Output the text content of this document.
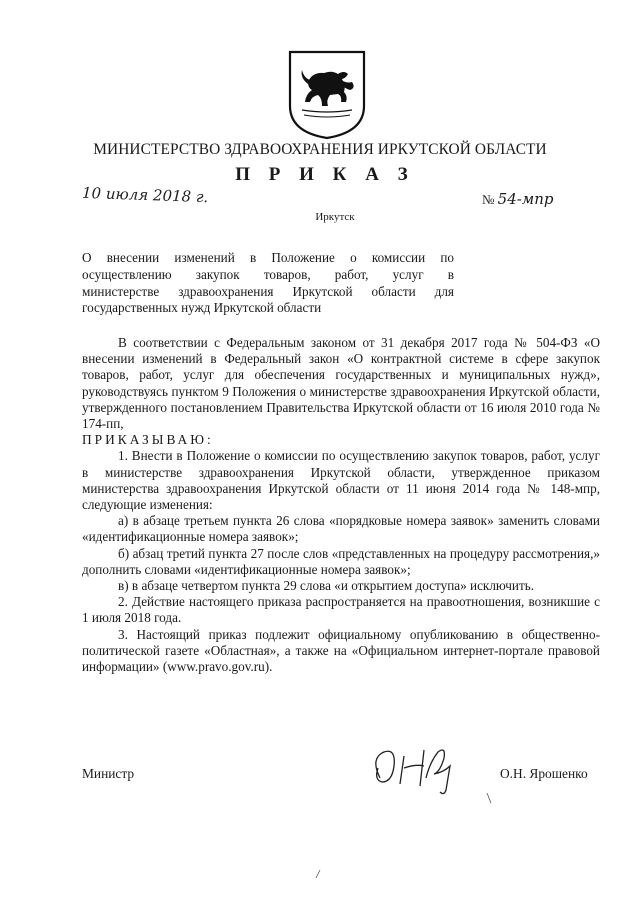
МИНИСТЕРСТВО ЗДРАВООХРАНЕНИЯ ИРКУТСКОЙ ОБЛАСТИ
П Р И К А З
10 июля 2018 г.	№ 54-мпр
Иркутск
О внесении изменений в Положение о комиссии по
осуществлению закупок товаров, работ, услуг в
министерстве здравоохранения Иркутской области для
государственных нужд Иркутской области
В соответствии с Федеральным законом от 31 декабря 2017 года № 504-ФЗ «О внесении изменений в Федеральный закон «О контрактной системе в сфере закупок товаров, работ, услуг для обеспечения государственных и муниципальных нужд», руководствуясь пунктом 9 Положения о министерстве здравоохранения Иркутской области, утвержденного постановлением Правительства Иркутской области от 16 июля 2010 года № 174-пп,
ПРИКАЗЫВАЮ:
1. Внести в Положение о комиссии по осуществлению закупок товаров, работ, услуг в министерстве здравоохранения Иркутской области, утвержденное приказом министерства здравоохранения Иркутской области от 11 июня 2014 года № 148-мпр, следующие изменения:
а) в абзаце третьем пункта 26 слова «порядковые номера заявок» заменить словами «идентификационные номера заявок»;
б) абзац третий пункта 27 после слов «представленных на процедуру рассмотрения,» дополнить словами «идентификационные номера заявок»;
в) в абзаце четвертом пункта 29 слова «и открытием доступа» исключить.
2. Действие настоящего приказа распространяется на правоотношения, возникшие с 1 июля 2018 года.
3. Настоящий приказ подлежит официальному опубликованию в общественно-политической газете «Областная», а также на «Официальном интернет-портале правовой информации» (www.pravo.gov.ru).
Министр	О.Н. Ярошенко
